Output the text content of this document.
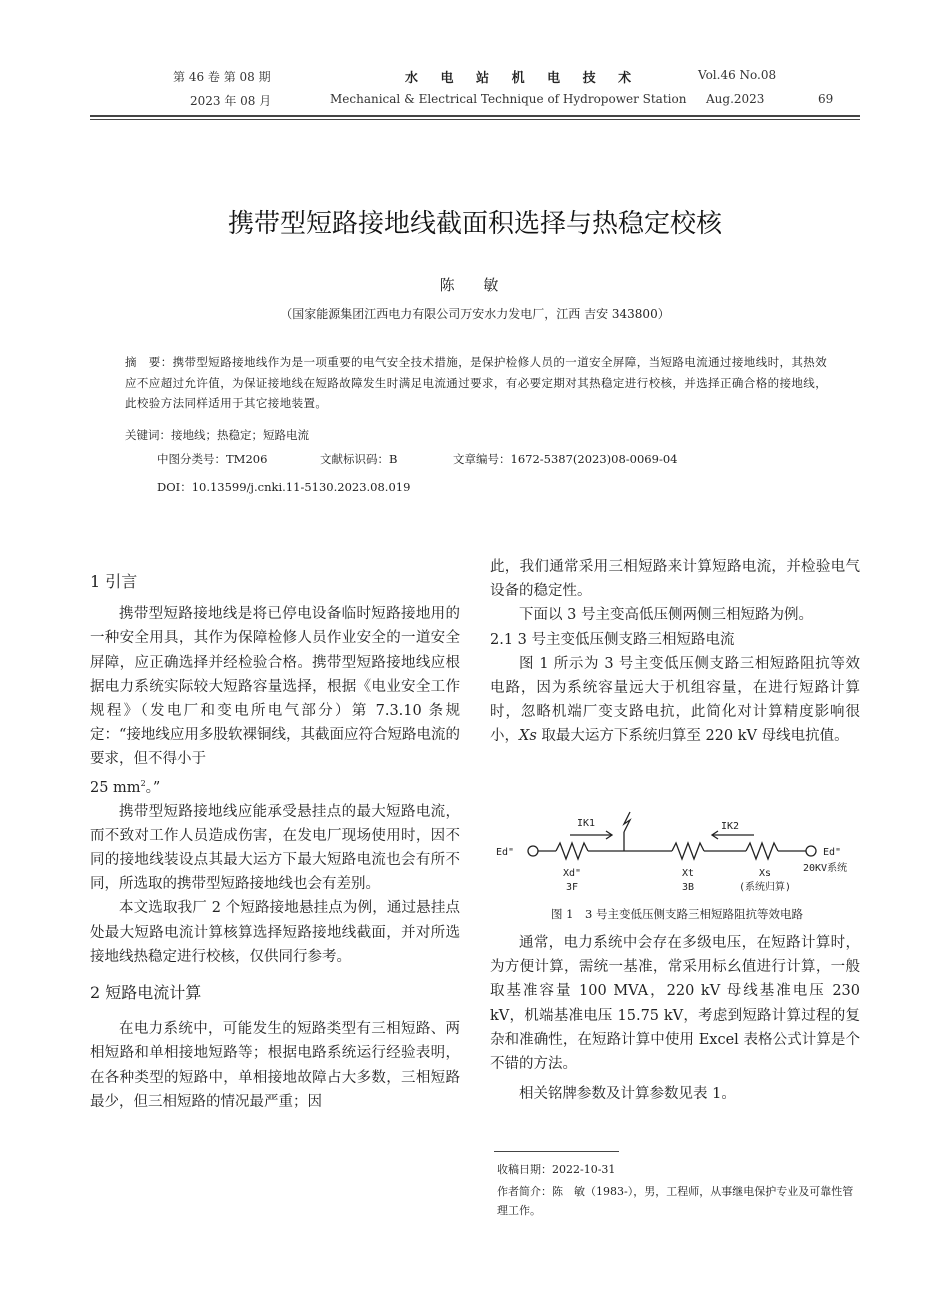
第 46 卷 第 08 期
2023 年 08 月
水 电 站 机 电 技 术
Mechanical & Electrical Technique of Hydropower Station
Vol.46 No.08
Aug.2023	69
携带型短路接地线截面积选择与热稳定校核
陈 敏
（国家能源集团江西电力有限公司万安水力发电厂，江西 吉安 343800）
摘　要：携带型短路接地线作为是一项重要的电气安全技术措施，是保护检修人员的一道安全屏障，当短路电流通过接地线时，其热效应不应超过允许值，为保证接地线在短路故障发生时满足电流通过要求，有必要定期对其热稳定进行校核，并选择正确合格的接地线，此校验方法同样适用于其它接地装置。
关键词：接地线；热稳定；短路电流
中图分类号：TM206	文献标识码：B	文章编号：1672-5387(2023)08-0069-04
DOI：10.13599/j.cnki.11-5130.2023.08.019
1 引言

携带型短路接地线是将已停电设备临时短路接地用的一种安全用具，其作为保障检修人员作业安全的一道安全屏障，应正确选择并经检验合格。携带型短路接地线应根据电力系统实际较大短路容量选择，根据《电业安全工作规程》（发电厂和变电所电气部分）第 7.3.10 条规定：“接地线应用多股软裸铜线，其截面应符合短路电流的要求，但不得小于

25 $mm^2$。”

携带型短路接地线应能承受悬挂点的最大短路电流，而不致对工作人员造成伤害，在发电厂现场使用时，因不同的接地线装设点其最大运方下最大短路电流也会有所不同，所选取的携带型短路接地线也会有差别。

本文选取我厂 2 个短路接地悬挂点为例，通过悬挂点处最大短路电流计算核算选择短路接地线截面，并对所选接地线热稳定进行校核，仅供同行参考。

2 短路电流计算

在电力系统中，可能发生的短路类型有三相短路、两相短路和单相接地短路等；根据电路系统运行经验表明，在各种类型的短路中，单相接地故障占大多数，三相短路最少，但三相短路的情况最严重；因

此，我们通常采用三相短路来计算短路电流，并检验电气设备的稳定性。

下面以 3 号主变高低压侧两侧三相短路为例。

2.1 3 号主变低压侧支路三相短路电流

图 1 所示为 3 号主变低压侧支路三相短路阻抗等效电路，因为系统容量远大于机组容量，在进行短路计算时，忽略机端厂变支路电抗，此简化对计算精度影响很小，Xs 取最大运方下系统归算至 220 kV 母线电抗值。

Ed"
IK1	IK2
Ed"
20KV系统
Xd"
3F
Xt
3B
Xs
(系统归算)
图 1　3 号主变低压侧支路三相短路阻抗等效电路

通常，电力系统中会存在多级电压，在短路计算时，为方便计算，需统一基准，常采用标幺值进行计算，一般取基准容量 100 MVA，220 kV 母线基准电压 230 kV，机端基准电压 15.75 kV，考虑到短路计算过程的复杂和准确性，在短路计算中使用 Excel 表格公式计算是个不错的方法。

相关铭牌参数及计算参数见表 1。

收稿日期：2022-10-31
作者简介：陈　敏（1983-），男，工程师，从事继电保护专业及可靠性管理工作。
